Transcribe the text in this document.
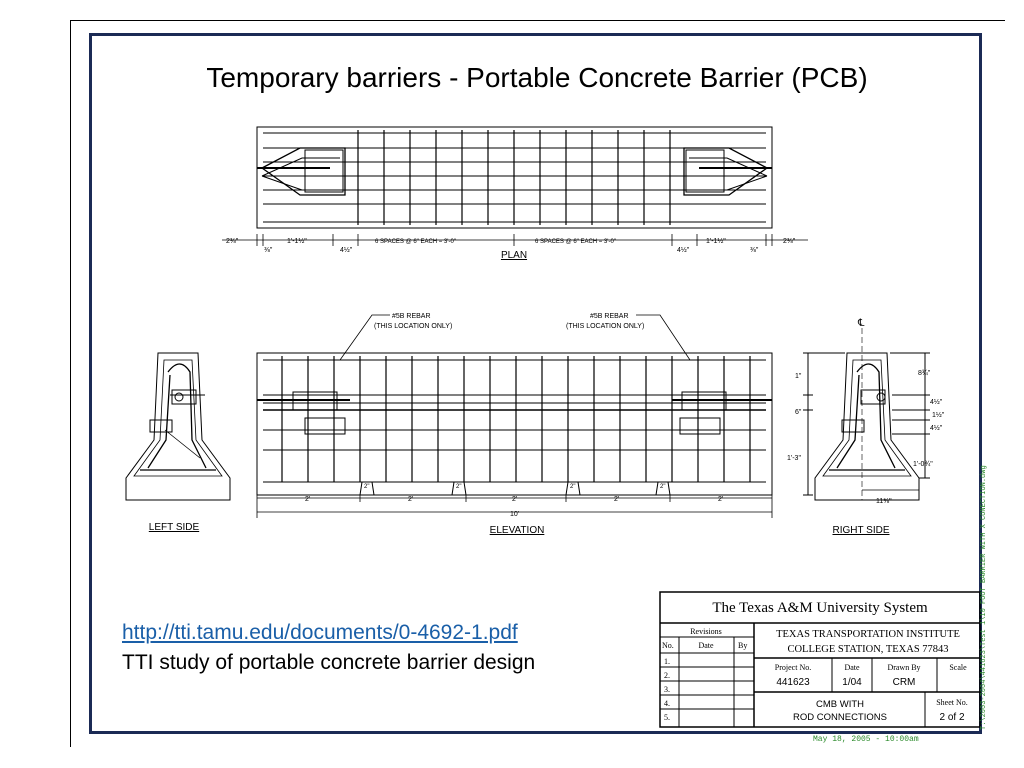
Temporary barriers - Portable Concrete Barrier (PCB)
2⅜"
⅜"
1'-1½"
4½"
6 SPACES @ 6" EACH = 3'-0"	6 SPACES @ 6" EACH = 3'-0"
4½"
1'-1½"
⅜"
2⅜"
PLAN
#5B REBAR
(THIS LOCATION ONLY)
#5B REBAR
(THIS LOCATION ONLY)
2'	2'	2'	2'	2'
10'
2"	2"	2"	2"
ELEVATION
LEFT SIDE
℄
1"
6"
1'-3"
8¾"
4½"
1½"
4½"
1'-0¾"
11⅝"
RIGHT SIDE
The Texas A&M University System
Revisions
No.	Date	By
1.
2.
3.
4.
5.
TEXAS TRANSPORTATION INSTITUTE
COLLEGE STATION, TEXAS 77843
Project No.	Date	Drawn By	Scale
441623	1/04	CRM
CMB WITH
ROD CONNECTIONS
Sheet No.
2 of 2
http://tti.tamu.edu/documents/0-4692-1.pdf
TTI study of portable concrete barrier design	T:\2003-2004\441623\Test 1\10 FOOT BARRIER WITH X CONECTION.dwg
May 18, 2005 - 10:00am
